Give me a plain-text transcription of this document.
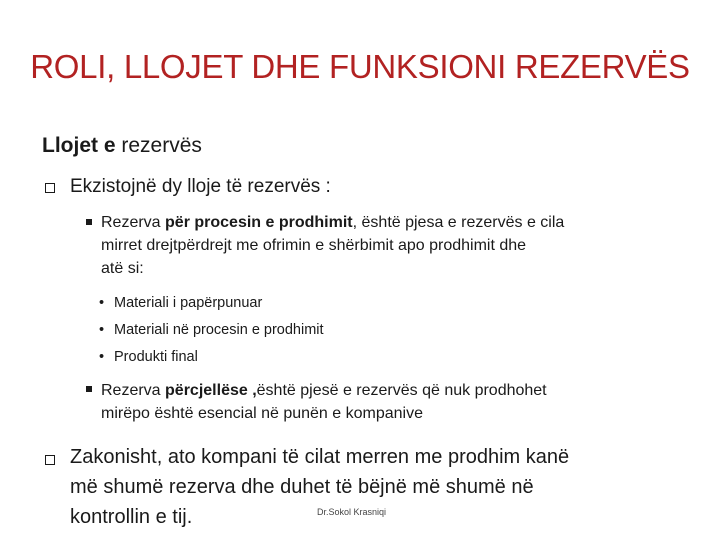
ROLI, LLOJET DHE FUNKSIONI REZERVËS
Llojet e rezervës
Ekzistojnë dy lloje të rezervës :
Rezerva për procesin e prodhimit, është pjesa e rezervës e cila
mirret drejtpërdrejt me ofrimin e shërbimit apo prodhimit dhe
atë si:
• Materiali i papërpunuar
• Materiali në procesin e prodhimit
• Produkti final
Rezerva përcjellëse ,është pjesë e rezervës që nuk prodhohet
mirëpo është esencial në punën e kompanive
Zakonisht, ato kompani të cilat merren me prodhim kanë
më shumë rezerva dhe duhet të bëjnë më shumë në
kontrollin e tij.	Dr.Sokol Krasniqi
